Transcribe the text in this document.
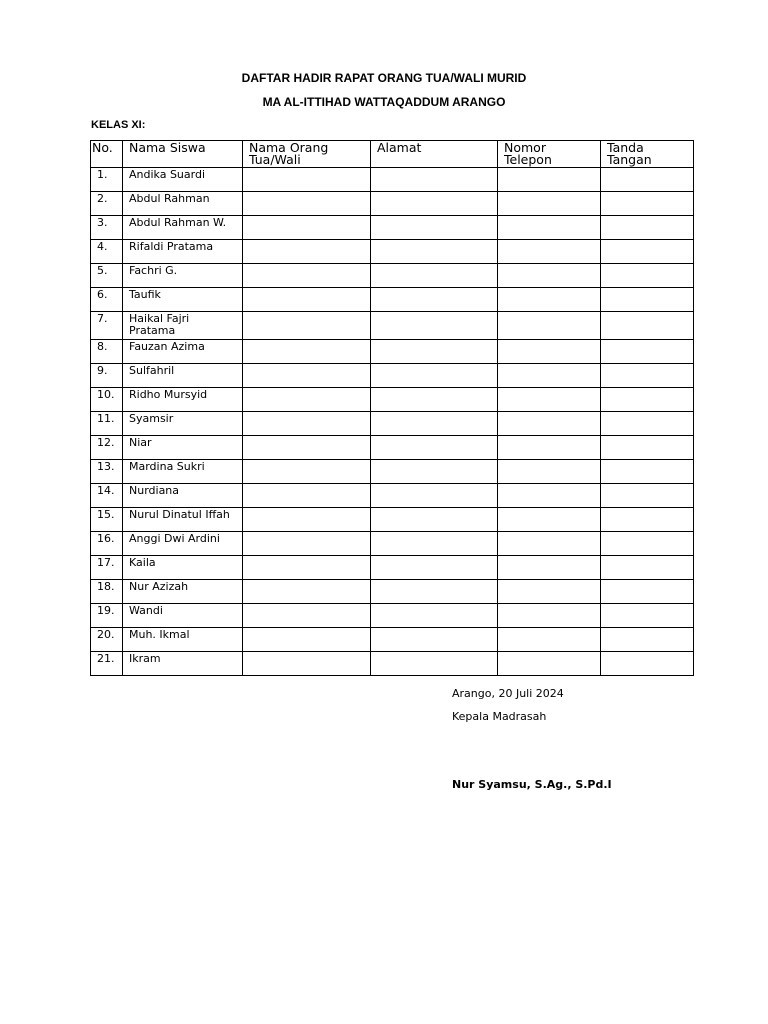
DAFTAR HADIR RAPAT ORANG TUA/WALI MURID
MA AL-ITTIHAD WATTAQADDUM ARANGO
KELAS XI:
No.	Nama Siswa	Nama Orang Tua/Wali	Alamat	Nomor Telepon	Tanda Tangan
1.	Andika Suardi				
2.	Abdul Rahman				
3.	Abdul Rahman W.				
4.	Rifaldi Pratama				
5.	Fachri G.				
6.	Taufik				
7.	Haikal Fajri Pratama				
8.	Fauzan Azima				
9.	Sulfahril				
10.	Ridho Mursyid				
11.	Syamsir				
12.	Niar				
13.	Mardina Sukri				
14.	Nurdiana				
15.	Nurul Dinatul Iffah				
16.	Anggi Dwi Ardini				
17.	Kaila				
18.	Nur Azizah				
19.	Wandi				
20.	Muh. Ikmal				
21.	Ikram				
Arango, 20 Juli 2024
Kepala Madrasah
Nur Syamsu, S.Ag., S.Pd.I
